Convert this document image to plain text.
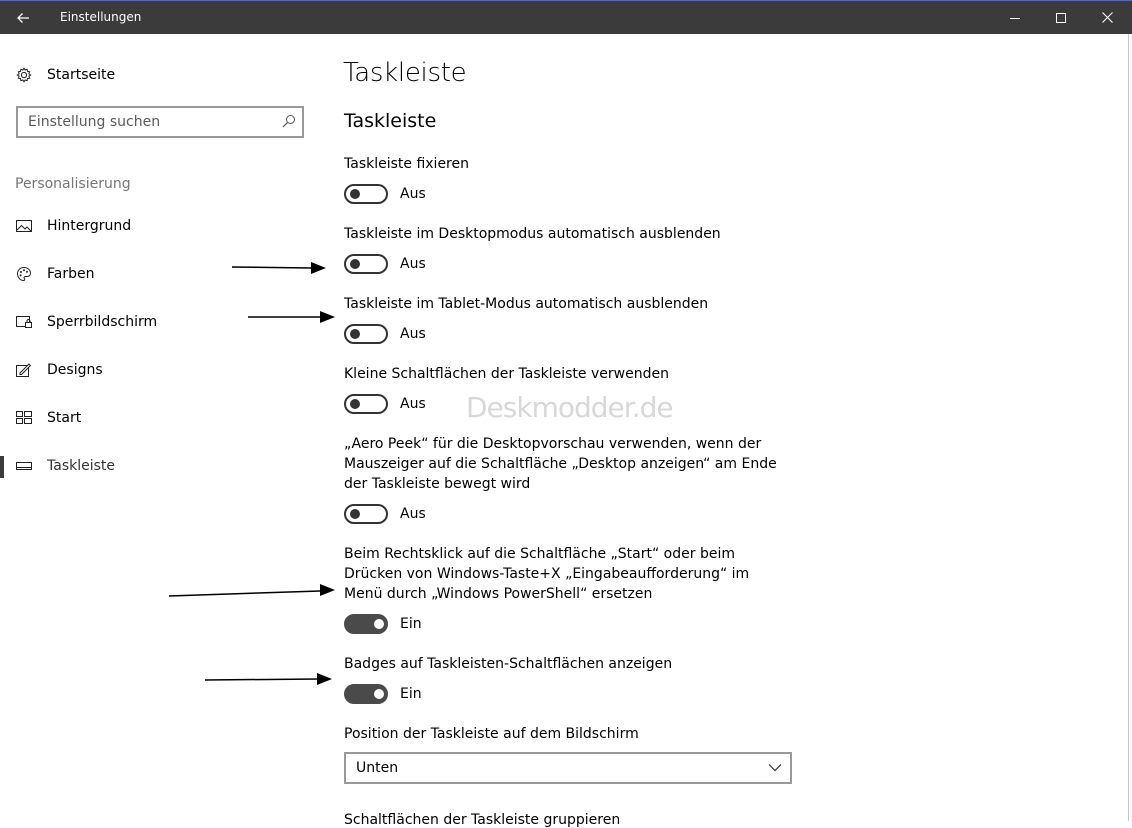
Einstellungen
Startseite
Einstellung suchen
Personalisierung
Hintergrund
Farben
Sperrbildschirm
Designs
Start
Taskleiste
Taskleiste
Taskleiste
Taskleiste fixieren
Aus
Taskleiste im Desktopmodus automatisch ausblenden
Aus
Taskleiste im Tablet-Modus automatisch ausblenden
Aus
Kleine Schaltflächen der Taskleiste verwenden
Aus Deskmodder.de
„Aero Peek“ für die Desktopvorschau verwenden, wenn der Mauszeiger auf die Schaltfläche „Desktop anzeigen“ am Ende der Taskleiste bewegt wird
Aus
Beim Rechtsklick auf die Schaltfläche „Start“ oder beim Drücken von Windows-Taste+X „Eingabeaufforderung“ im Menü durch „Windows PowerShell“ ersetzen
Ein
Badges auf Taskleisten-Schaltflächen anzeigen
Ein
Position der Taskleiste auf dem Bildschirm
Unten
Schaltflächen der Taskleiste gruppieren
